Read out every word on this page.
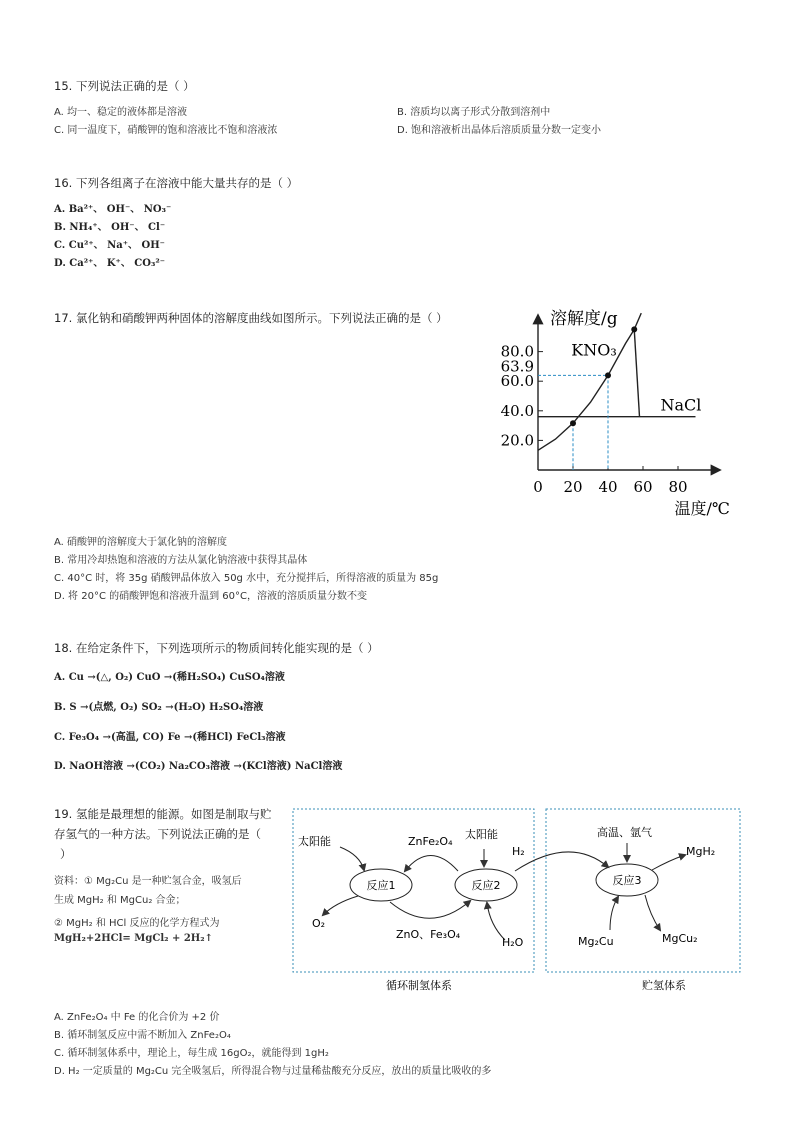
15. 下列说法正确的是（ ）
A. 均一、稳定的液体都是溶液	B. 溶质均以离子形式分散到溶剂中
C. 同一温度下，硝酸钾的饱和溶液比不饱和溶液浓	D. 饱和溶液析出晶体后溶质质量分数一定变小
16. 下列各组离子在溶液中能大量共存的是（ ）
A. Ba²⁺、 OH⁻、 NO₃⁻
B. NH₄⁺、 OH⁻、 Cl⁻
C. Cu²⁺、 Na⁺、 OH⁻
D. Ca²⁺、 K⁺、 CO₃²⁻
17. 氯化钠和硝酸钾两种固体的溶解度曲线如图所示。下列说法正确的是（ ）	溶解度/g
温度/℃
0 20 40 60 80
20.0
40.0
60.0
63.9
80.0
NaCl
KNO₃
A. 硝酸钾的溶解度大于氯化钠的溶解度
B. 常用冷却热饱和溶液的方法从氯化钠溶液中获得其晶体
C. 40°C 时，将 35g 硝酸钾晶体放入 50g 水中，充分搅拌后，所得溶液的质量为 85g
D. 将 20°C 的硝酸钾饱和溶液升温到 60°C，溶液的溶质质量分数不变
18. 在给定条件下，下列选项所示的物质间转化能实现的是（ ）
A. Cu →(△, O₂) CuO →(稀H₂SO₄) CuSO₄溶液
B. S →(点燃, O₂) SO₂ →(H₂O) H₂SO₄溶液
C. Fe₃O₄ →(高温, CO) Fe →(稀HCl) FeCl₃溶液
D. NaOH溶液 →(CO₂) Na₂CO₃溶液 →(KCl溶液) NaCl溶液
19. 氢能是最理想的能源。如图是制取与贮
存氢气的一种方法。下列说法正确的是（
）
资料：① Mg₂Cu 是一种贮氢合金，吸氢后
生成 MgH₂ 和 MgCu₂ 合金；
② MgH₂ 和 HCl 反应的化学方程式为
MgH₂+2HCl= MgCl₂ + 2H₂↑
太阳能	ZnFe₂O₄
太阳能
H₂
反应1	反应2	反应3
O₂
ZnO、Fe₃O₄
H₂O
高温、氩气
MgH₂
Mg₂Cu	MgCu₂
循环制氢体系	贮氢体系
A. ZnFe₂O₄ 中 Fe 的化合价为 +2 价
B. 循环制氢反应中需不断加入 ZnFe₂O₄
C. 循环制氢体系中，理论上，每生成 16gO₂，就能得到 1gH₂
D. H₂ 一定质量的 Mg₂Cu 完全吸氢后，所得混合物与过量稀盐酸充分反应，放出的质量比吸收的多
